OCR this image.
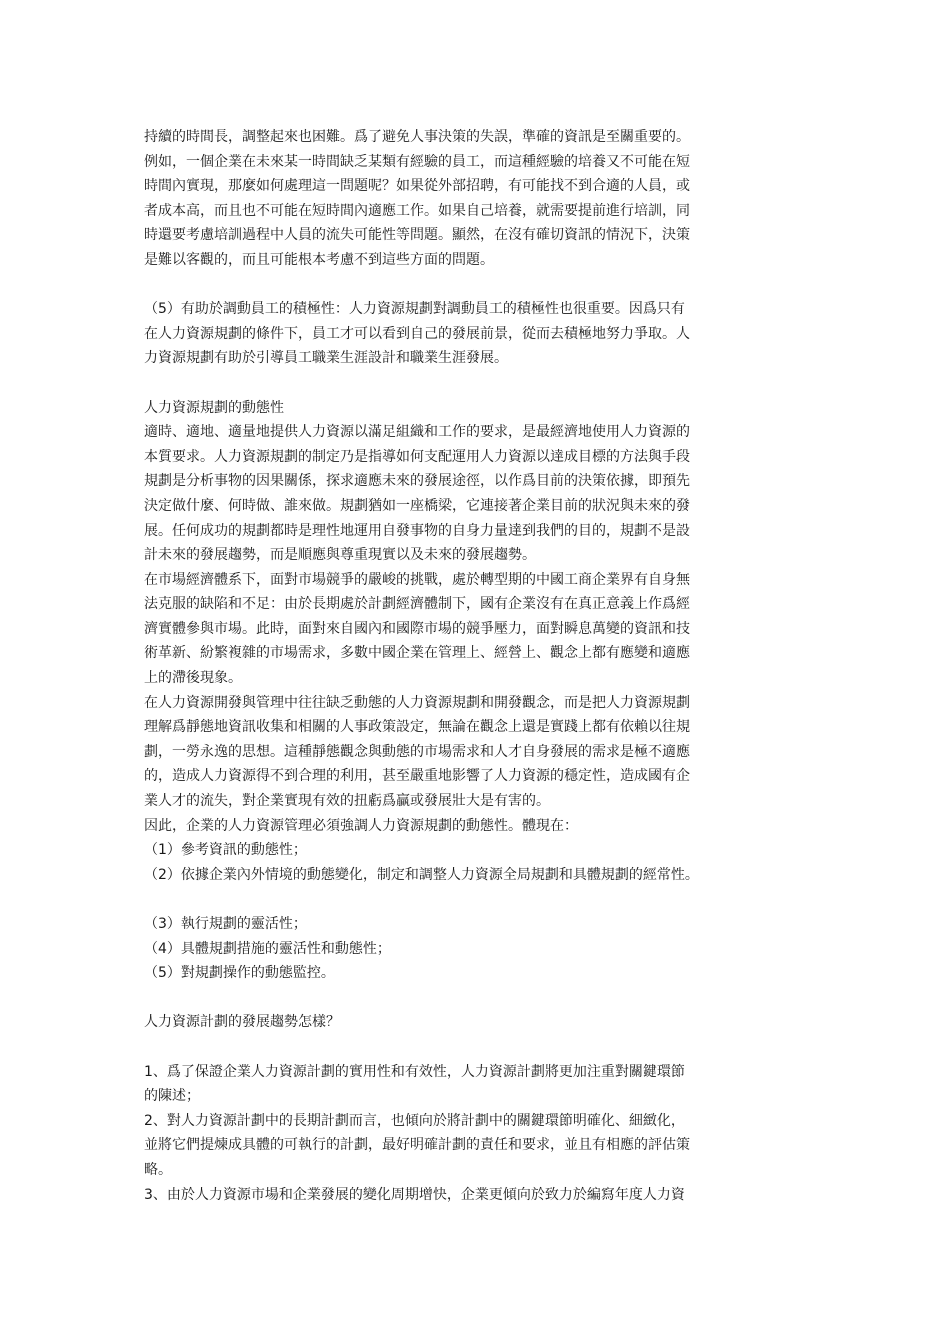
持續的時間長，調整起來也困難。爲了避免人事決策的失誤，準確的資訊是至關重要的。
例如，一個企業在未來某一時間缺乏某類有經驗的員工，而這種經驗的培養又不可能在短
時間內實現，那麼如何處理這一問題呢？如果從外部招聘，有可能找不到合適的人員，或
者成本高，而且也不可能在短時間內適應工作。如果自己培養，就需要提前進行培訓，同
時還要考慮培訓過程中人員的流失可能性等問題。顯然，在沒有確切資訊的情況下，決策
是難以客觀的，而且可能根本考慮不到這些方面的問題。
（5）有助於調動員工的積極性：人力資源規劃對調動員工的積極性也很重要。因爲只有
在人力資源規劃的條件下，員工才可以看到自己的發展前景，從而去積極地努力爭取。人
力資源規劃有助於引導員工職業生涯設計和職業生涯發展。
人力資源規劃的動態性
適時、適地、適量地提供人力資源以滿足組織和工作的要求，是最經濟地使用人力資源的
本質要求。人力資源規劃的制定乃是指導如何支配運用人力資源以達成目標的方法與手段
規劃是分析事物的因果關係，探求適應未來的發展途徑，以作爲目前的決策依據，即預先
決定做什麼、何時做、誰來做。規劃猶如一座橋梁，它連接著企業目前的狀況與未來的發
展。任何成功的規劃都時是理性地運用自發事物的自身力量達到我們的目的，規劃不是設
計未來的發展趨勢，而是順應與尊重現實以及未來的發展趨勢。
在市場經濟體系下，面對市場競爭的嚴峻的挑戰，處於轉型期的中國工商企業界有自身無
法克服的缺陷和不足：由於長期處於計劃經濟體制下，國有企業沒有在真正意義上作爲經
濟實體參與市場。此時，面對來自國內和國際市場的競爭壓力，面對瞬息萬變的資訊和技
術革新、紛繁複雜的市場需求，多數中國企業在管理上、經營上、觀念上都有應變和適應
上的滯後現象。
在人力資源開發與管理中往往缺乏動態的人力資源規劃和開發觀念，而是把人力資源規劃
理解爲靜態地資訊收集和相關的人事政策設定，無論在觀念上還是實踐上都有依賴以往規
劃，一勞永逸的思想。這種靜態觀念與動態的市場需求和人才自身發展的需求是極不適應
的，造成人力資源得不到合理的利用，甚至嚴重地影響了人力資源的穩定性，造成國有企
業人才的流失，對企業實現有效的扭虧爲贏或發展壯大是有害的。
因此，企業的人力資源管理必須強調人力資源規劃的動態性。體現在：
（1）參考資訊的動態性；
（2）依據企業內外情境的動態變化，制定和調整人力資源全局規劃和具體規劃的經常性。
（3）執行規劃的靈活性；
（4）具體規劃措施的靈活性和動態性；
（5）對規劃操作的動態監控。
人力資源計劃的發展趨勢怎樣？
1、爲了保證企業人力資源計劃的實用性和有效性，人力資源計劃將更加注重對關鍵環節
的陳述；
2、對人力資源計劃中的長期計劃而言，也傾向於將計劃中的關鍵環節明確化、細緻化，
並將它們提煉成具體的可執行的計劃，最好明確計劃的責任和要求，並且有相應的評估策
略。
3、由於人力資源市場和企業發展的變化周期增快，企業更傾向於致力於編寫年度人力資
